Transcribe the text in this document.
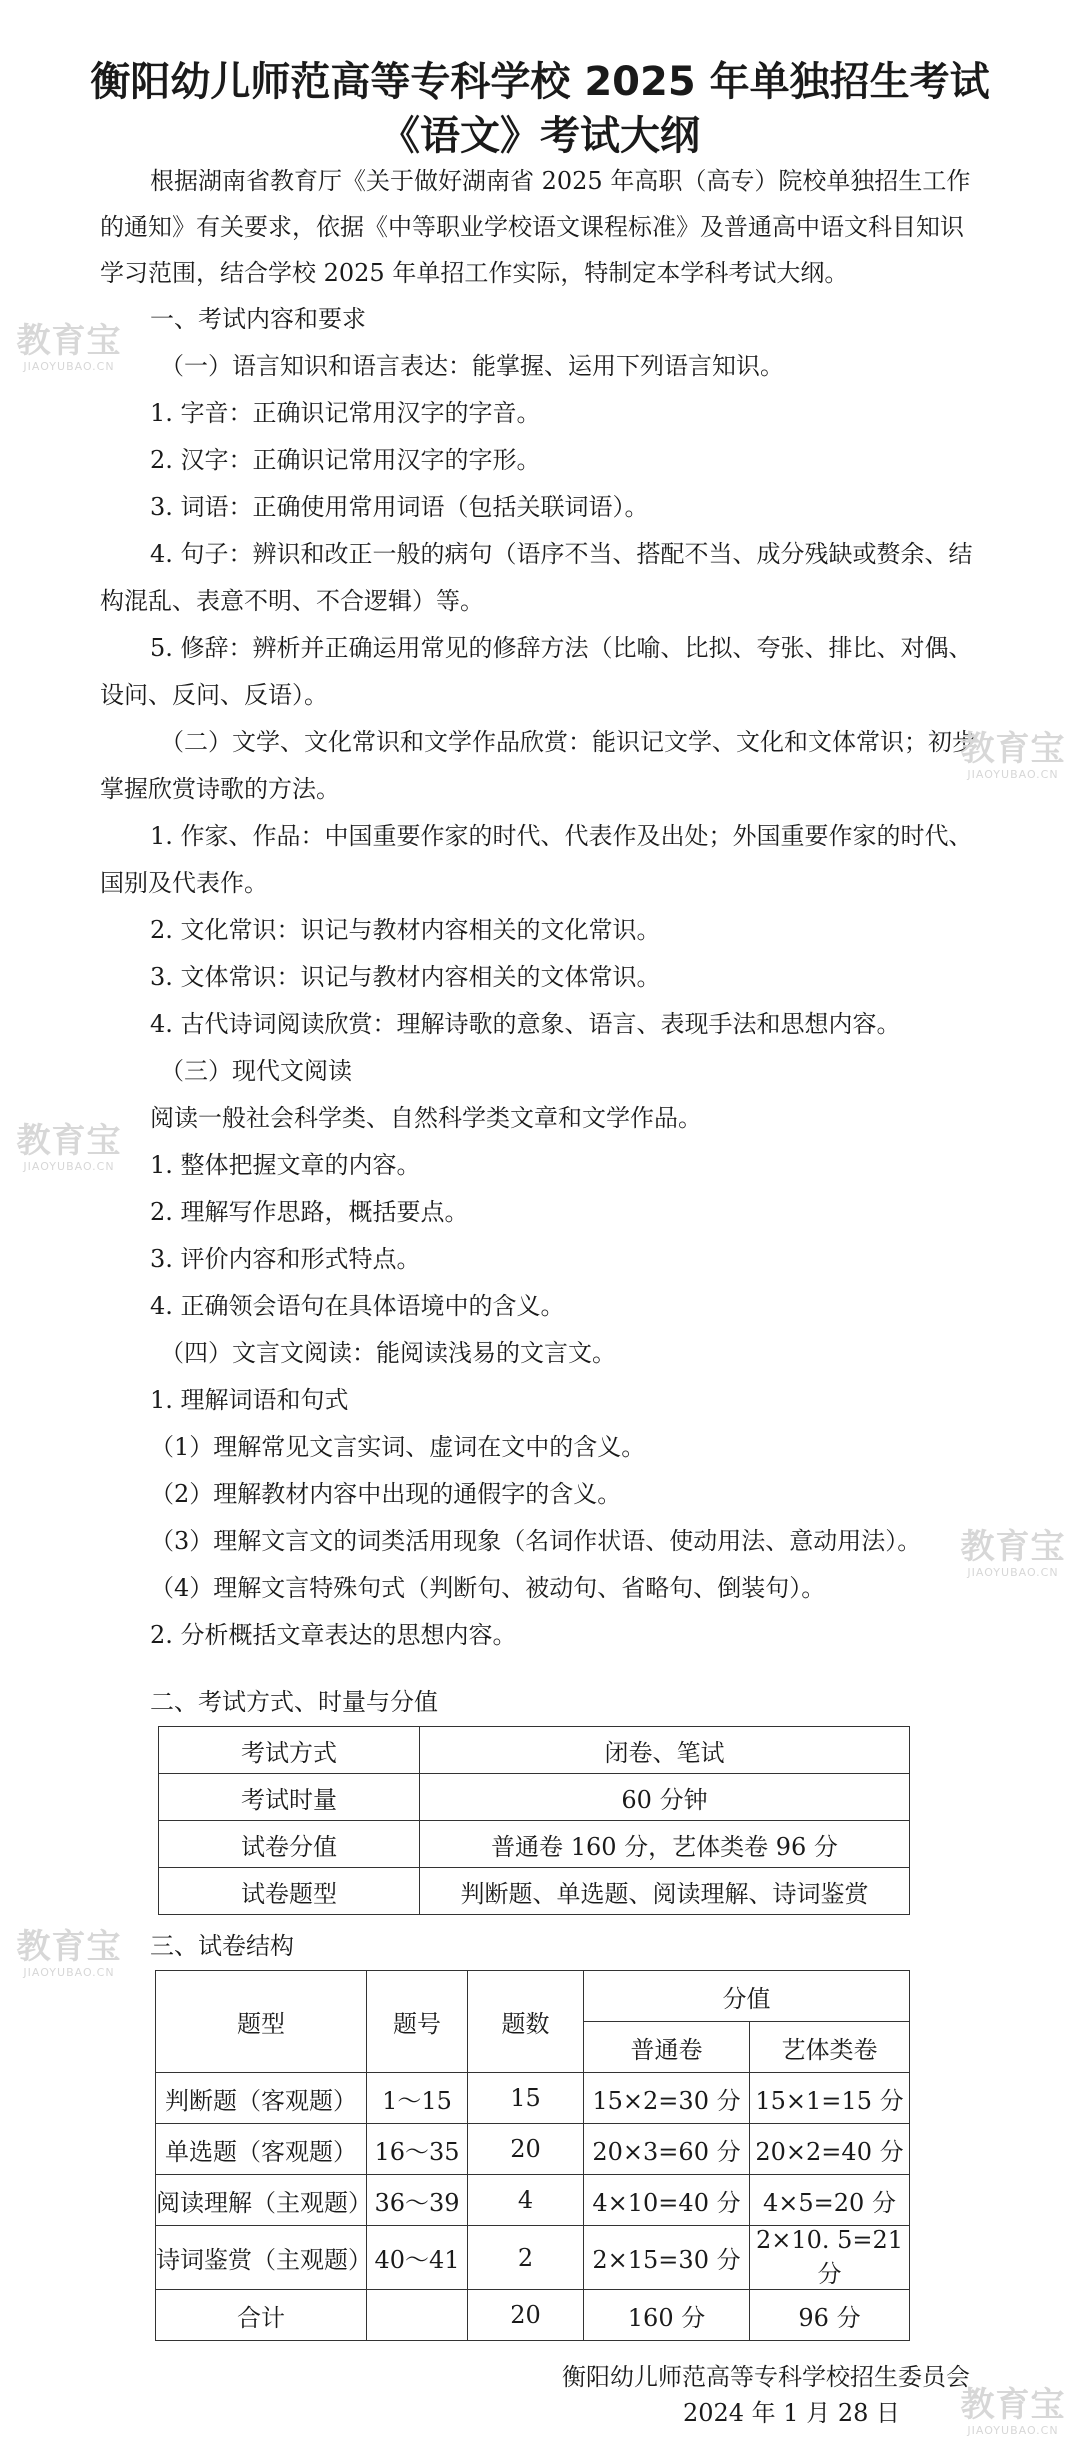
衡阳幼儿师范高等专科学校 2025 年单独招生考试
《语文》考试大纲

根据湖南省教育厅《关于做好湖南省 2025 年高职（高专）院校单独招生工作的通知》有关要求，依据《中等职业学校语文课程标准》及普通高中语文科目知识学习范围，结合学校 2025 年单招工作实际，特制定本学科考试大纲。

一、考试内容和要求

（一）语言知识和语言表达：能掌握、运用下列语言知识。

1. 字音：正确识记常用汉字的字音。

2. 汉字：正确识记常用汉字的字形。

3. 词语：正确使用常用词语（包括关联词语）。

4. 句子：辨识和改正一般的病句（语序不当、搭配不当、成分残缺或赘余、结构混乱、表意不明、不合逻辑）等。

5. 修辞：辨析并正确运用常见的修辞方法（比喻、比拟、夸张、排比、对偶、设问、反问、反语）。

（二）文学、文化常识和文学作品欣赏：能识记文学、文化和文体常识；初步掌握欣赏诗歌的方法。

1. 作家、作品：中国重要作家的时代、代表作及出处；外国重要作家的时代、国别及代表作。

2. 文化常识：识记与教材内容相关的文化常识。

3. 文体常识：识记与教材内容相关的文体常识。

4. 古代诗词阅读欣赏：理解诗歌的意象、语言、表现手法和思想内容。

（三）现代文阅读

阅读一般社会科学类、自然科学类文章和文学作品。

1. 整体把握文章的内容。

2. 理解写作思路，概括要点。

3. 评价内容和形式特点。

4. 正确领会语句在具体语境中的含义。

（四）文言文阅读：能阅读浅易的文言文。

1. 理解词语和句式

（1）理解常见文言实词、虚词在文中的含义。

（2）理解教材内容中出现的通假字的含义。

（3）理解文言文的词类活用现象（名词作状语、使动用法、意动用法）。

（4）理解文言特殊句式（判断句、被动句、省略句、倒装句）。

2. 分析概括文章表达的思想内容。

二、考试方式、时量与分值
考试方式	闭卷、笔试
考试时量	60 分钟
试卷分值	普通卷 160 分，艺体类卷 96 分
试卷题型	判断题、单选题、阅读理解、诗词鉴赏
三、试卷结构
题型	题号	题数	分值	
			普通卷	艺体类卷
判断题（客观题）	1～15	15	15×2=30 分	15×1=15 分
单选题（客观题）	16～35	20	20×3=60 分	20×2=40 分
阅读理解（主观题）	36～39	4	4×10=40 分	4×5=20 分
诗词鉴赏（主观题）	40～41	2	2×15=30 分	2×10. 5=21 分
合计		20	160 分	96 分
衡阳幼儿师范高等专科学校招生委员会
2024 年 1 月 28 日
教育宝
JIAOYUBAO.CN
教育宝
JIAOYUBAO.CN
教育宝
JIAOYUBAO.CN
教育宝
JIAOYUBAO.CN
教育宝
JIAOYUBAO.CN
教育宝
JIAOYUBAO.CN
